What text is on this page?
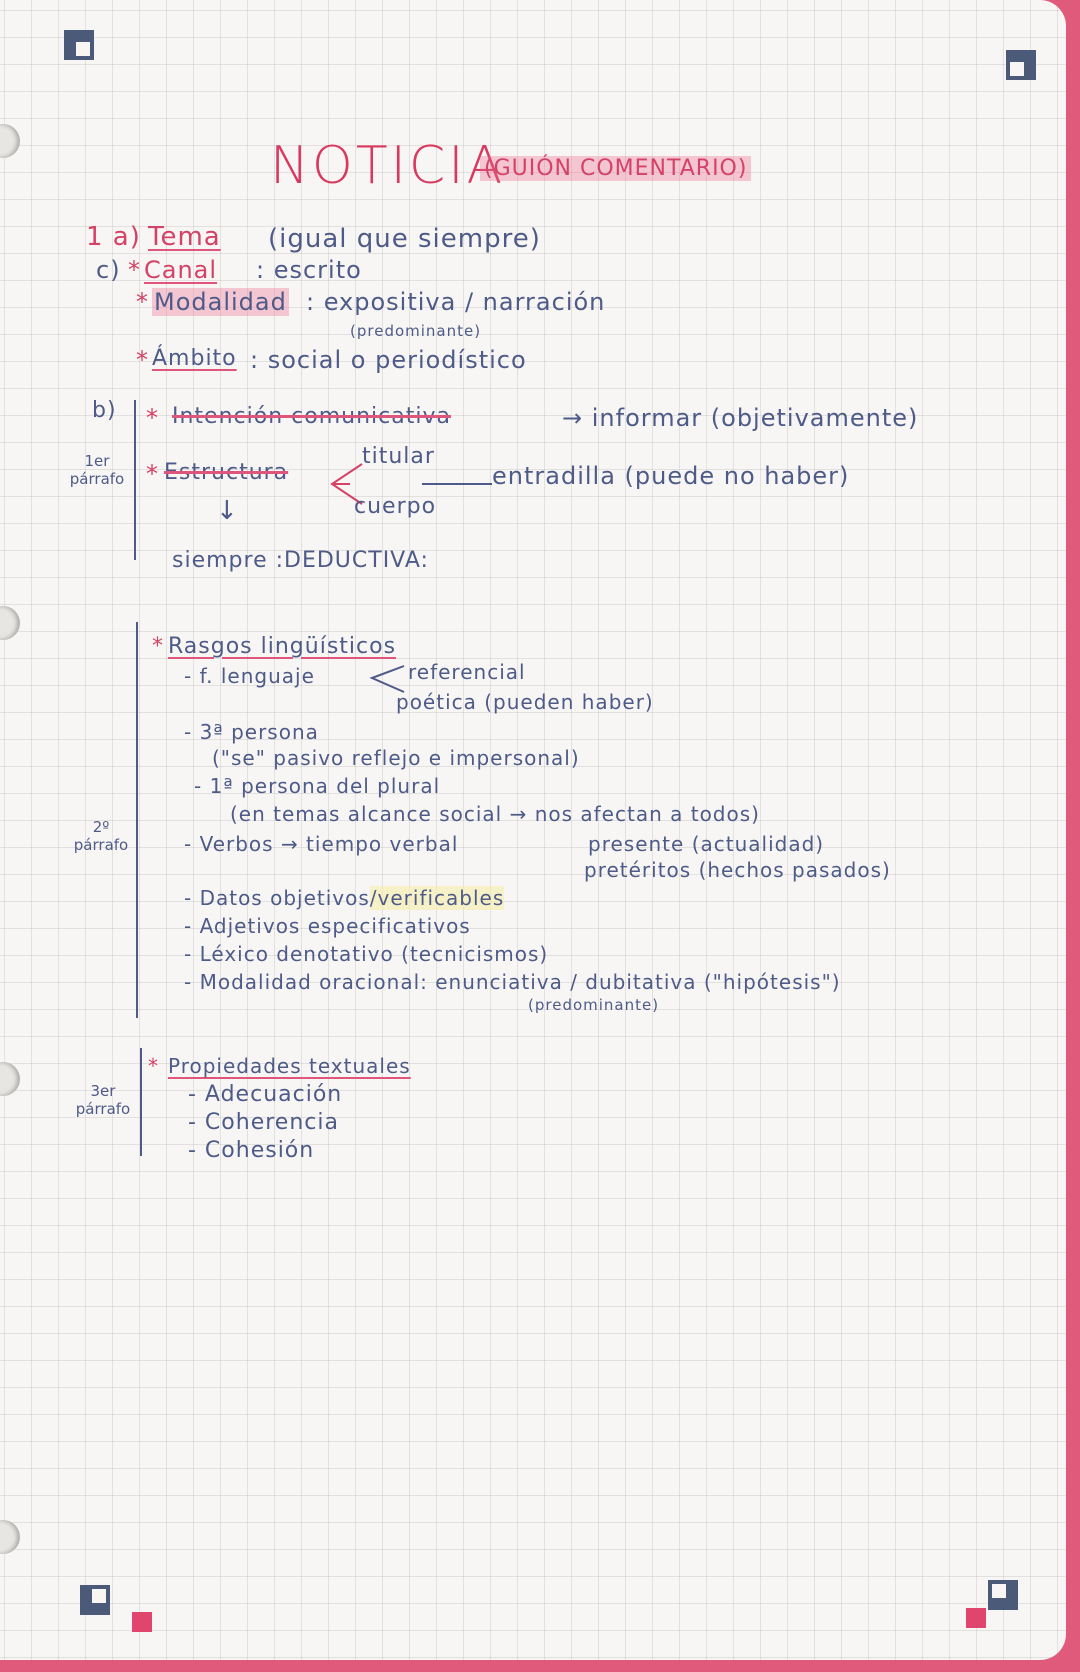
NOTICIA
(GUIÓN COMENTARIO)
1 a) Tema (igual que siempre)
c) * Canal : escrito
* Modalidad : expositiva / narración
(predominante)
* Ámbito : social o periodístico
b)
1er
párrafo
* Intención comunicativa	→ informar (objetivamente)
* Estructura
titular
entradilla (puede no haber)
cuerpo
↓
siempre :DEDUCTIVA:
2º
párrafo
* Rasgos lingüísticos
- f. lenguaje	referencial
poética (pueden haber)
- 3ª persona
("se" pasivo reflejo e impersonal)
- 1ª persona del plural
(en temas alcance social → nos afectan a todos)
- Verbos → tiempo verbal	presente (actualidad)
pretéritos (hechos pasados)
- Datos objetivos/verificables
- Adjetivos especificativos
- Léxico denotativo (tecnicismos)
- Modalidad oracional: enunciativa / dubitativa ("hipótesis")
(predominante)
3er
párrafo
* Propiedades textuales
- Adecuación
- Coherencia
- Cohesión
